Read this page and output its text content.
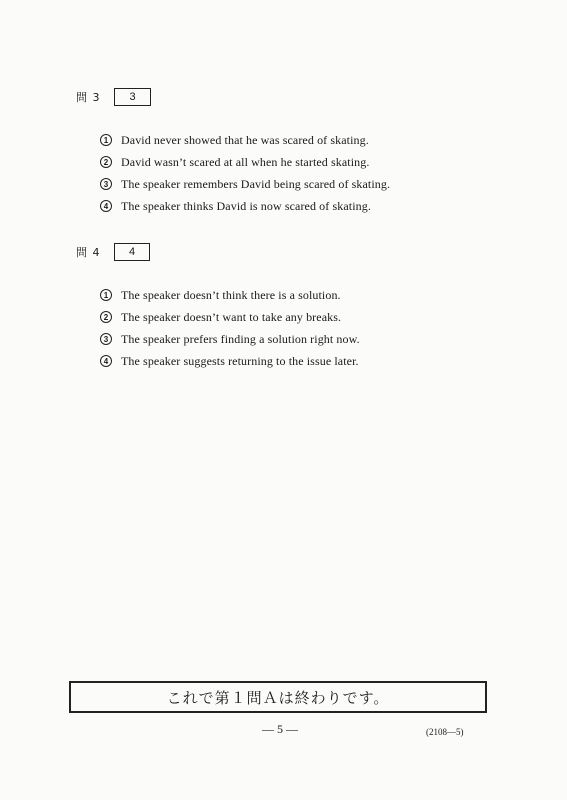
問 3	3
1	David never showed that he was scared of skating.
2	David wasn’t scared at all when he started skating.
3	The speaker remembers David being scared of skating.
4	The speaker thinks David is now scared of skating.
問 4	4
1	The speaker doesn’t think there is a solution.
2	The speaker doesn’t want to take any breaks.
3	The speaker prefers finding a solution right now.
4	The speaker suggests returning to the issue later.
これで第１問Ａは終わりです。
— 5 —	(2108—5)
